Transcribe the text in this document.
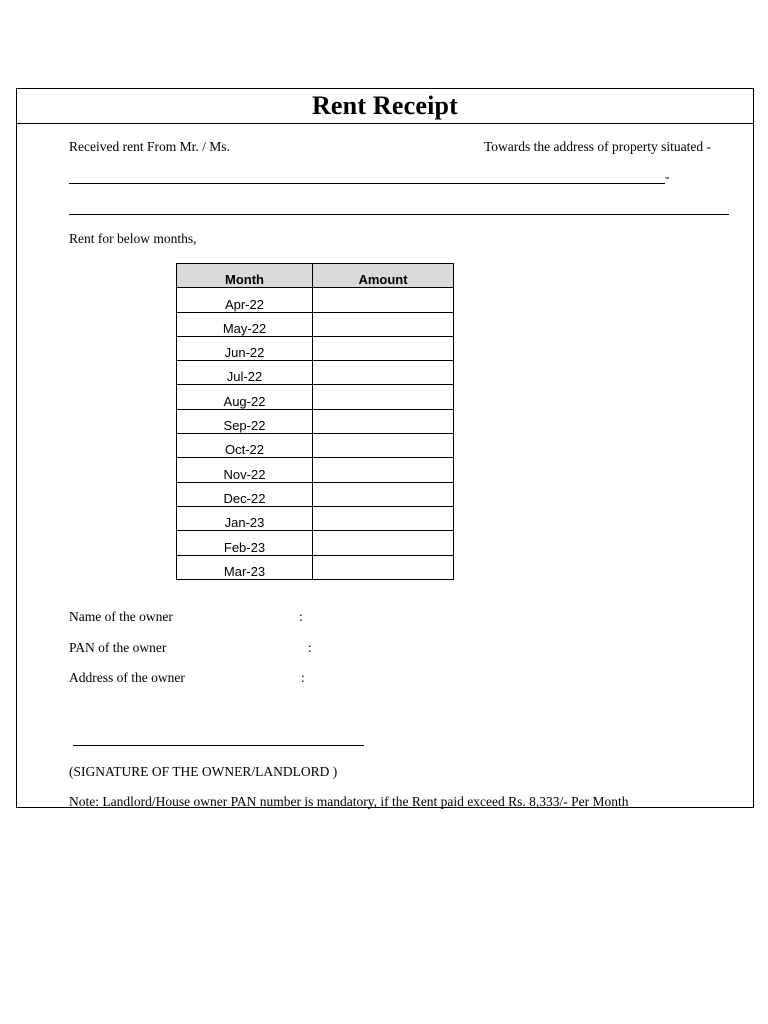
Rent Receipt
Received rent From Mr. / Ms.	Towards the address of property situated -
-
Rent for below months,
Month	Amount
Apr-22	
May-22	
Jun-22	
Jul-22	
Aug-22	
Sep-22	
Oct-22	
Nov-22	
Dec-22	
Jan-23	
Feb-23	
Mar-23	
Name of the owner	:
PAN of the owner	:
Address of the owner	:
(SIGNATURE OF THE OWNER/LANDLORD )
Note: Landlord/House owner PAN number is mandatory, if the Rent paid exceed Rs. 8,333/- Per Month
